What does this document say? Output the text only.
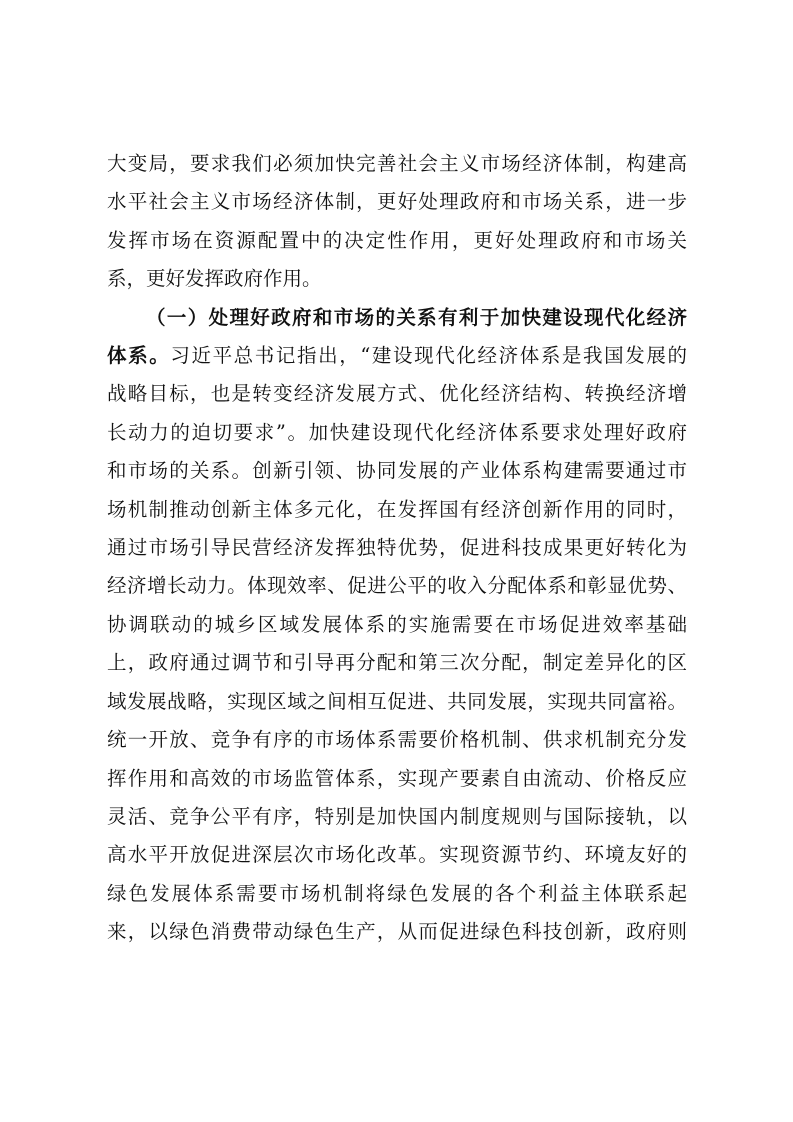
大变局，要求我们必须加快完善社会主义市场经济体制，构建高
水平社会主义市场经济体制，更好处理政府和市场关系，进一步
发挥市场在资源配置中的决定性作用，更好处理政府和市场关
系，更好发挥政府作用。

（一）处理好政府和市场的关系有利于加快建设现代化经济
体系。习近平总书记指出，“建设现代化经济体系是我国发展的
战略目标，也是转变经济发展方式、优化经济结构、转换经济增
长动力的迫切要求”。加快建设现代化经济体系要求处理好政府
和市场的关系。创新引领、协同发展的产业体系构建需要通过市
场机制推动创新主体多元化，在发挥国有经济创新作用的同时，
通过市场引导民营经济发挥独特优势，促进科技成果更好转化为
经济增长动力。体现效率、促进公平的收入分配体系和彰显优势、
协调联动的城乡区域发展体系的实施需要在市场促进效率基础
上，政府通过调节和引导再分配和第三次分配，制定差异化的区
域发展战略，实现区域之间相互促进、共同发展，实现共同富裕。
统一开放、竞争有序的市场体系需要价格机制、供求机制充分发
挥作用和高效的市场监管体系，实现产要素自由流动、价格反应
灵活、竞争公平有序，特别是加快国内制度规则与国际接轨，以
高水平开放促进深层次市场化改革。实现资源节约、环境友好的
绿色发展体系需要市场机制将绿色发展的各个利益主体联系起
来，以绿色消费带动绿色生产，从而促进绿色科技创新，政府则
